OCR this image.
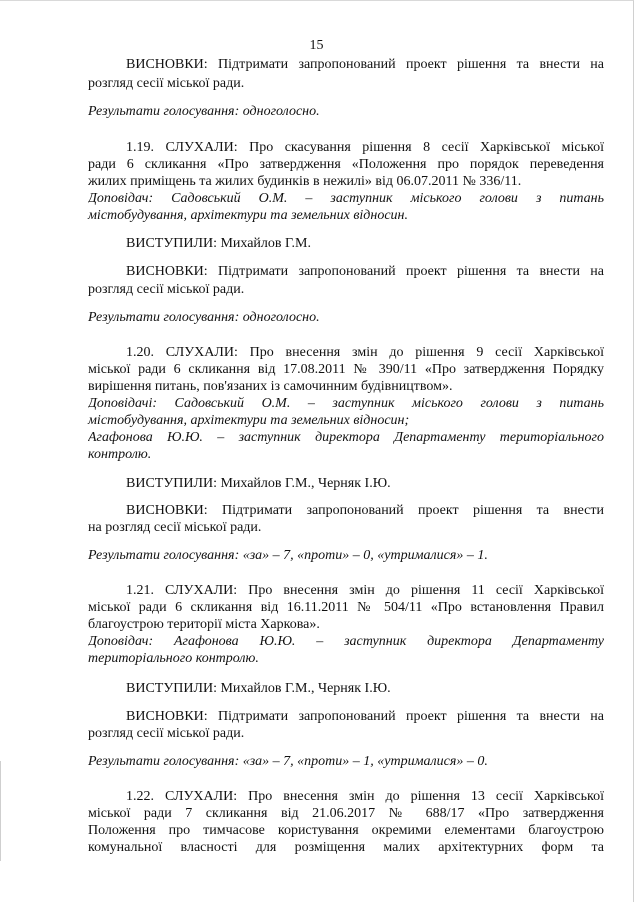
15
ВИСНОВКИ: Підтримати запропонований проект рішення та внести на
розгляд сесії міської ради.
Результати голосування: одноголосно.
1.19. СЛУХАЛИ: Про скасування рішення 8 сесії Харківської міської
ради 6 скликання «Про затвердження «Положення про порядок переведення
жилих приміщень та жилих будинків в нежилі» від 06.07.2011 № 336/11.
Доповідач: Садовський О.М. – заступник міського голови з питань
містобудування, архітектури та земельних відносин.
ВИСТУПИЛИ: Михайлов Г.М.
ВИСНОВКИ: Підтримати запропонований проект рішення та внести на
розгляд сесії міської ради.
Результати голосування: одноголосно.
1.20. СЛУХАЛИ: Про внесення змін до рішення 9 сесії Харківської
міської ради 6 скликання від 17.08.2011 № 390/11 «Про затвердження Порядку
вирішення питань, пов'язаних із самочинним будівництвом».
Доповідачі: Садовський О.М. – заступник міського голови з питань
містобудування, архітектури та земельних відносин;
Агафонова Ю.Ю. – заступник директора Департаменту територіального
контролю.
ВИСТУПИЛИ: Михайлов Г.М., Черняк І.Ю.
ВИСНОВКИ: Підтримати запропонований проект рішення та внести
на розгляд сесії міської ради.
Результати голосування: «за» – 7, «проти» – 0, «утрималися» – 1.
1.21. СЛУХАЛИ: Про внесення змін до рішення 11 сесії Харківської
міської ради 6 скликання від 16.11.2011 № 504/11 «Про встановлення Правил
благоустрою території міста Харкова».
Доповідач: Агафонова Ю.Ю. – заступник директора Департаменту
територіального контролю.
ВИСТУПИЛИ: Михайлов Г.М., Черняк І.Ю.
ВИСНОВКИ: Підтримати запропонований проект рішення та внести на
розгляд сесії міської ради.
Результати голосування: «за» – 7, «проти» – 1, «утрималися» – 0.
1.22. СЛУХАЛИ: Про внесення змін до рішення 13 сесії Харківської
міської ради 7 скликання від 21.06.2017 № 688/17 «Про затвердження
Положення про тимчасове користування окремими елементами благоустрою
комунальної власності для розміщення малих архітектурних форм та
